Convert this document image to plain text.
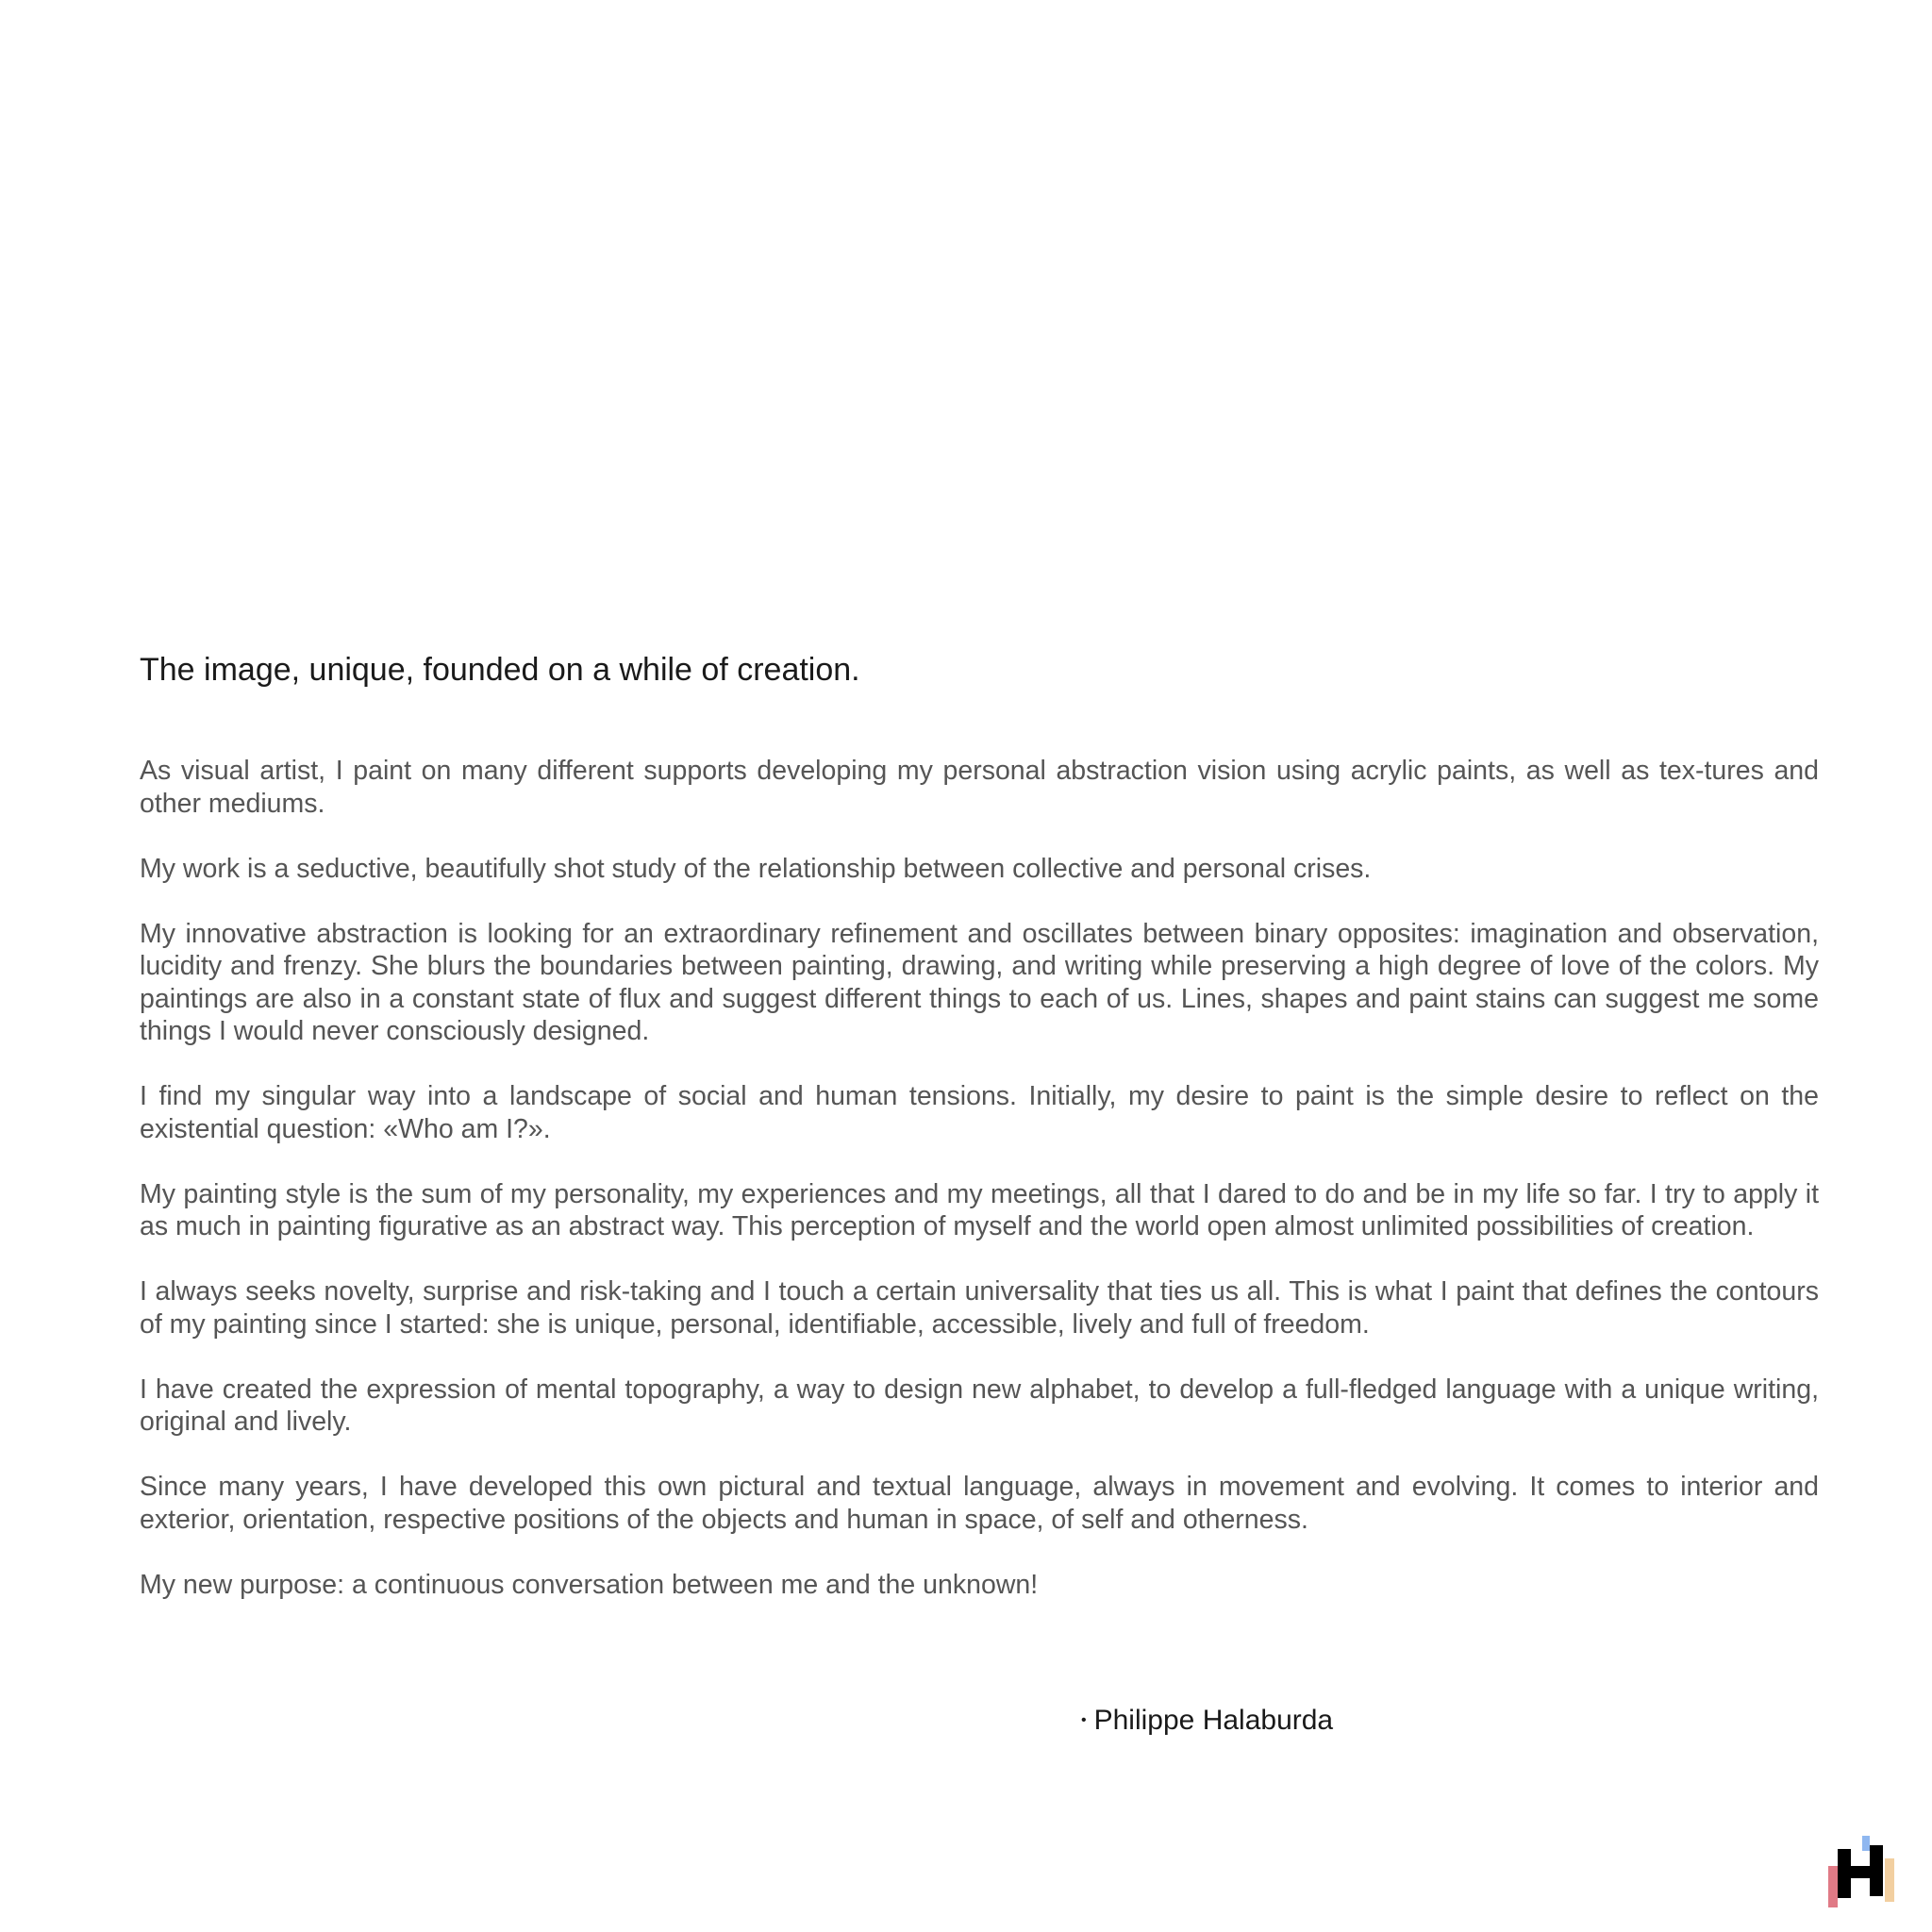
The image, unique, founded on a while of creation.

As visual artist, I paint on many different supports developing my personal abstraction vision using acrylic paints, as well as tex-tures and other mediums.

My work is a seductive, beautifully shot study of the relationship between collective and personal crises.

My innovative abstraction is looking for an extraordinary refinement and oscillates between binary opposites: imagination and observation, lucidity and frenzy. She blurs the boundaries between painting, drawing, and writing while preserving a high degree of love of the colors. My paintings are also in a constant state of flux and suggest different things to each of us. Lines, shapes and paint stains can suggest me some things I would never consciously designed.

I find my singular way into a landscape of social and human tensions. Initially, my desire to paint is the simple desire to reflect on the existential question: «Who am I?».

My painting style is the sum of my personality, my experiences and my meetings, all that I dared to do and be in my life so far. I try to apply it as much in painting figurative as an abstract way. This perception of myself and the world open almost unlimited possibilities of creation.

I always seeks novelty, surprise and risk-taking and I touch a certain universality that ties us all. This is what I paint that defines the contours of my painting since I started: she is unique, personal, identifiable, accessible, lively and full of freedom.

I have created the expression of mental topography, a way to design new alphabet, to develop a full-fledged language with a unique writing, original and lively.

Since many years, I have developed this own pictural and textual language, always in movement and evolving. It comes to interior and exterior, orientation, respective positions of the objects and human in space, of self and otherness.

My new purpose: a continuous conversation between me and the unknown!

• Philippe Halaburda
